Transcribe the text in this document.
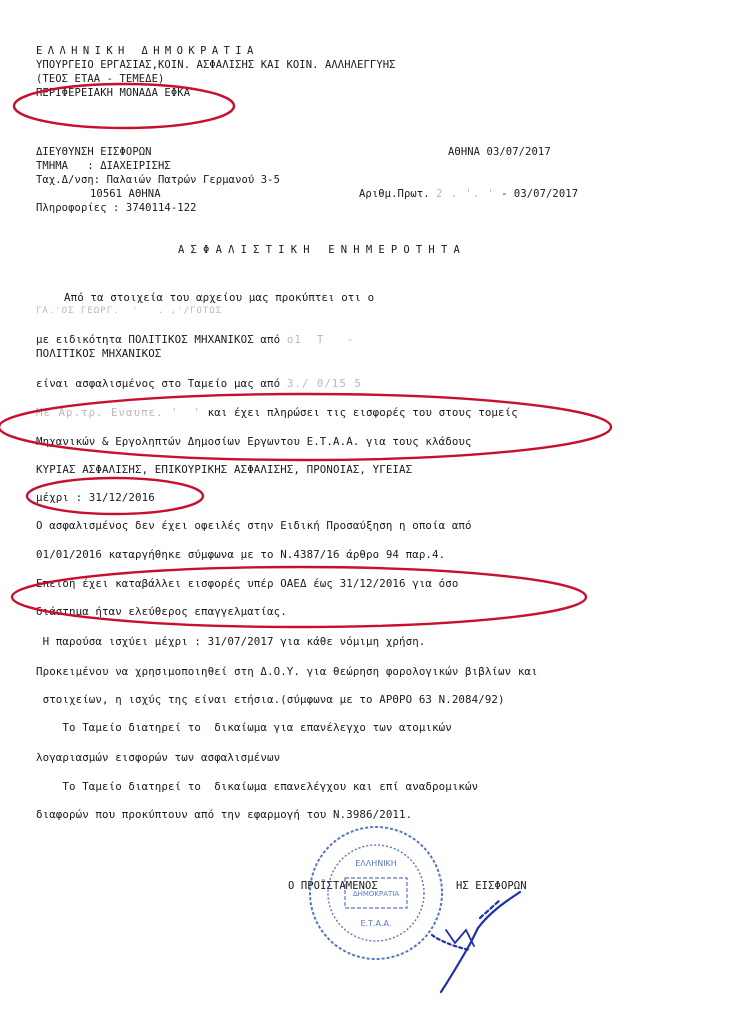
ΕΛΛΗΝΙΚΗ ΔΗΜΟΚΡΑΤΙΑ
ΥΠΟΥΡΓΕΙΟ ΕΡΓΑΣΙΑΣ,ΚΟΙΝ. ΑΣΦΑΛΙΣΗΣ ΚΑΙ ΚΟΙΝ. ΑΛΛΗΛΕΓΓΥΗΣ
(ΤΕΟΣ ΕΤΑΑ - ΤΕΜΕΔΕ)
ΠΕΡΙΦΕΡΕΙΑΚΗ ΜΟΝΑΔΑ ΕΦΚΑ
ΔΙΕΥΘΥΝΣΗ ΕΙΣΦΟΡΩΝ	ΑΘΗΝΑ 03/07/2017
ΤΜΗΜΑ   : ΔΙΑΧΕΙΡΙΣΗΣ
Ταχ.Δ/νση: Παλαιών Πατρών Γερμανού 3-5
10561 ΑΘΗΝΑ	Αριθμ.Πρωτ. 2 . '. ' - 03/07/2017
Πληροφορίες : 3740114-122
ΑΣΦΑΛΙΣΤΙΚΗ ΕΝΗΜΕΡΟΤΗΤΑ
Από τα στοιχεία του αρχείου μας προκύπτει οτι ο
ΓΑ.'ΟΣ ΓΕΩΡΓ.  '   . ,'/ΓΟΤΩΣ
με ειδικότητα ΠΟΛΙΤΙΚΟΣ ΜΗΧΑΝΙΚΟΣ από ο1  Τ   -
ΠΟΛΙΤΙΚΟΣ ΜΗΧΑΝΙΚΟΣ
είναι ασφαλισμένος στο Ταμείο μας από 3./ 0/15 5
Με Αρ.τρ. Εναυπε. '  ' και έχει πληρώσει τις εισφορές του στους τομείς
Μηχανικών & Εργοληπτών Δημοσίων Εργωντου Ε.Τ.Α.Α. για τους κλάδους
ΚΥΡΙΑΣ ΑΣΦΑΛΙΣΗΣ, ΕΠΙΚΟΥΡΙΚΗΣ ΑΣΦΑΛΙΣΗΣ, ΠΡΟΝΟΙΑΣ, ΥΓΕΙΑΣ
μέχρι : 31/12/2016
Ο ασφαλισμένος δεν έχει οφειλές στην Ειδική Προσαύξηση η οποία από
01/01/2016 καταργήθηκε σύμφωνα με το Ν.4387/16 άρθρο 94 παρ.4.
Επειδή έχει καταβάλλει εισφορές υπέρ ΟΑΕΔ έως 31/12/2016 για όσο
διάστημα ήταν ελεύθερος επαγγελματίας.
Η παρούσα ισχύει μέχρι : 31/07/2017 για κάθε νόμιμη χρήση.
Προκειμένου να χρησιμοποιηθεί στη Δ.Ο.Υ. για θεώρηση φορολογικών βιβλίων και
στοιχείων, η ισχύς της είναι ετήσια.(σύμφωνα με το ΑΡΘΡΟ 63 Ν.2084/92)
Το Ταμείο διατηρεί το  δικαίωμα για επανέλεγχο των ατομικών
λογαριασμών εισφορών των ασφαλισμένων
Το Ταμείο διατηρεί το  δικαίωμα επανελέγχου και επί αναδρομικών
διαφορών που προκύπτουν από την εφαρμογή του Ν.3986/2011.
Ο ΠΡΟΪΣΤΑΜΕΝΟΣ	ΗΣ ΕΙΣΦΟΡΩΝ
ΕΛΛΗΝΙΚΗ
ΔΗΜΟΚΡΑΤΙΑ
Ε.Τ.Α.Α.
